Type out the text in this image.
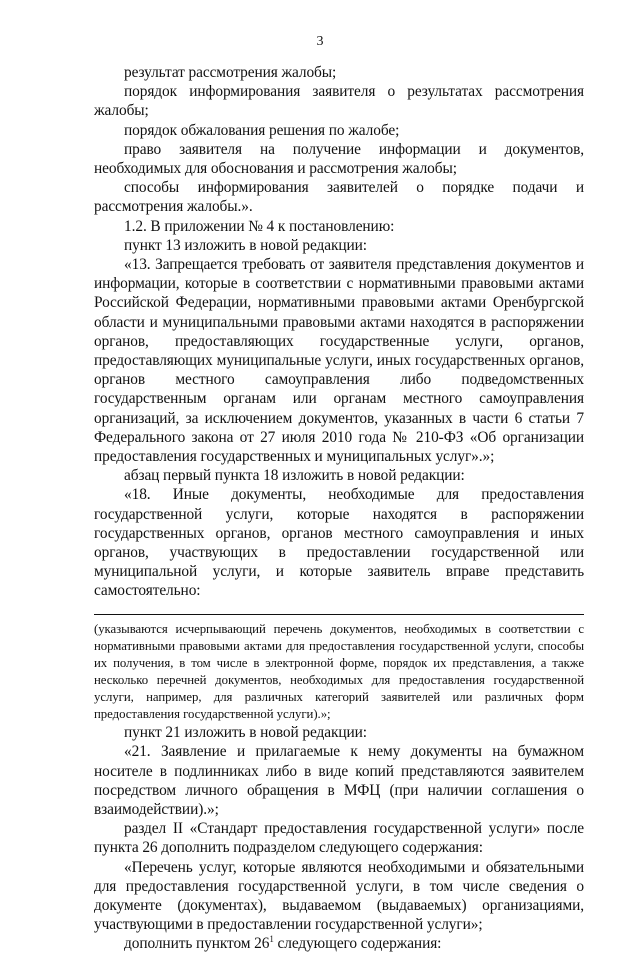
3

результат рассмотрения жалобы;

порядок информирования заявителя о результатах рассмотрения жалобы;

порядок обжалования решения по жалобе;

право заявителя на получение информации и документов, необходимых для обоснования и рассмотрения жалобы;

способы информирования заявителей о порядке подачи и рассмотрения жалобы.».

1.2. В приложении № 4 к постановлению:

пункт 13 изложить в новой редакции:

«13. Запрещается требовать от заявителя представления документов и информации, которые в соответствии с нормативными правовыми актами Российской Федерации, нормативными правовыми актами Оренбургской области и муниципальными правовыми актами находятся в распоряжении органов, предоставляющих государственные услуги, органов, предоставляющих муниципальные услуги, иных государственных органов, органов местного самоуправления либо подведомственных государственным органам или органам местного самоуправления организаций, за исключением документов, указанных в части 6 статьи 7 Федерального закона от 27 июля 2010 года № 210-ФЗ «Об организации предоставления государственных и муниципальных услуг».»;

абзац первый пункта 18 изложить в новой редакции:

«18. Иные документы, необходимые для предоставления государственной услуги, которые находятся в распоряжении государственных органов, органов местного самоуправления и иных органов, участвующих в предоставлении государственной или муниципальной услуги, и которые заявитель вправе представить самостоятельно:

(указываются исчерпывающий перечень документов, необходимых в соответствии с нормативными правовыми актами для предоставления государственной услуги, способы их получения, в том числе в электронной форме, порядок их представления, а также несколько перечней документов, необходимых для предоставления государственной услуги, например, для различных категорий заявителей или различных форм предоставления государственной услуги).»;

пункт 21 изложить в новой редакции:

«21. Заявление и прилагаемые к нему документы на бумажном носителе в подлинниках либо в виде копий представляются заявителем посредством личного обращения в МФЦ (при наличии соглашения о взаимодействии).»;

раздел II «Стандарт предоставления государственной услуги» после пункта 26 дополнить подразделом следующего содержания:

«Перечень услуг, которые являются необходимыми и обязательными для предоставления государственной услуги, в том числе сведения о документе (документах), выдаваемом (выдаваемых) организациями, участвующими в предоставлении государственной услуги»;

дополнить пунктом $26^1$ следующего содержания:
